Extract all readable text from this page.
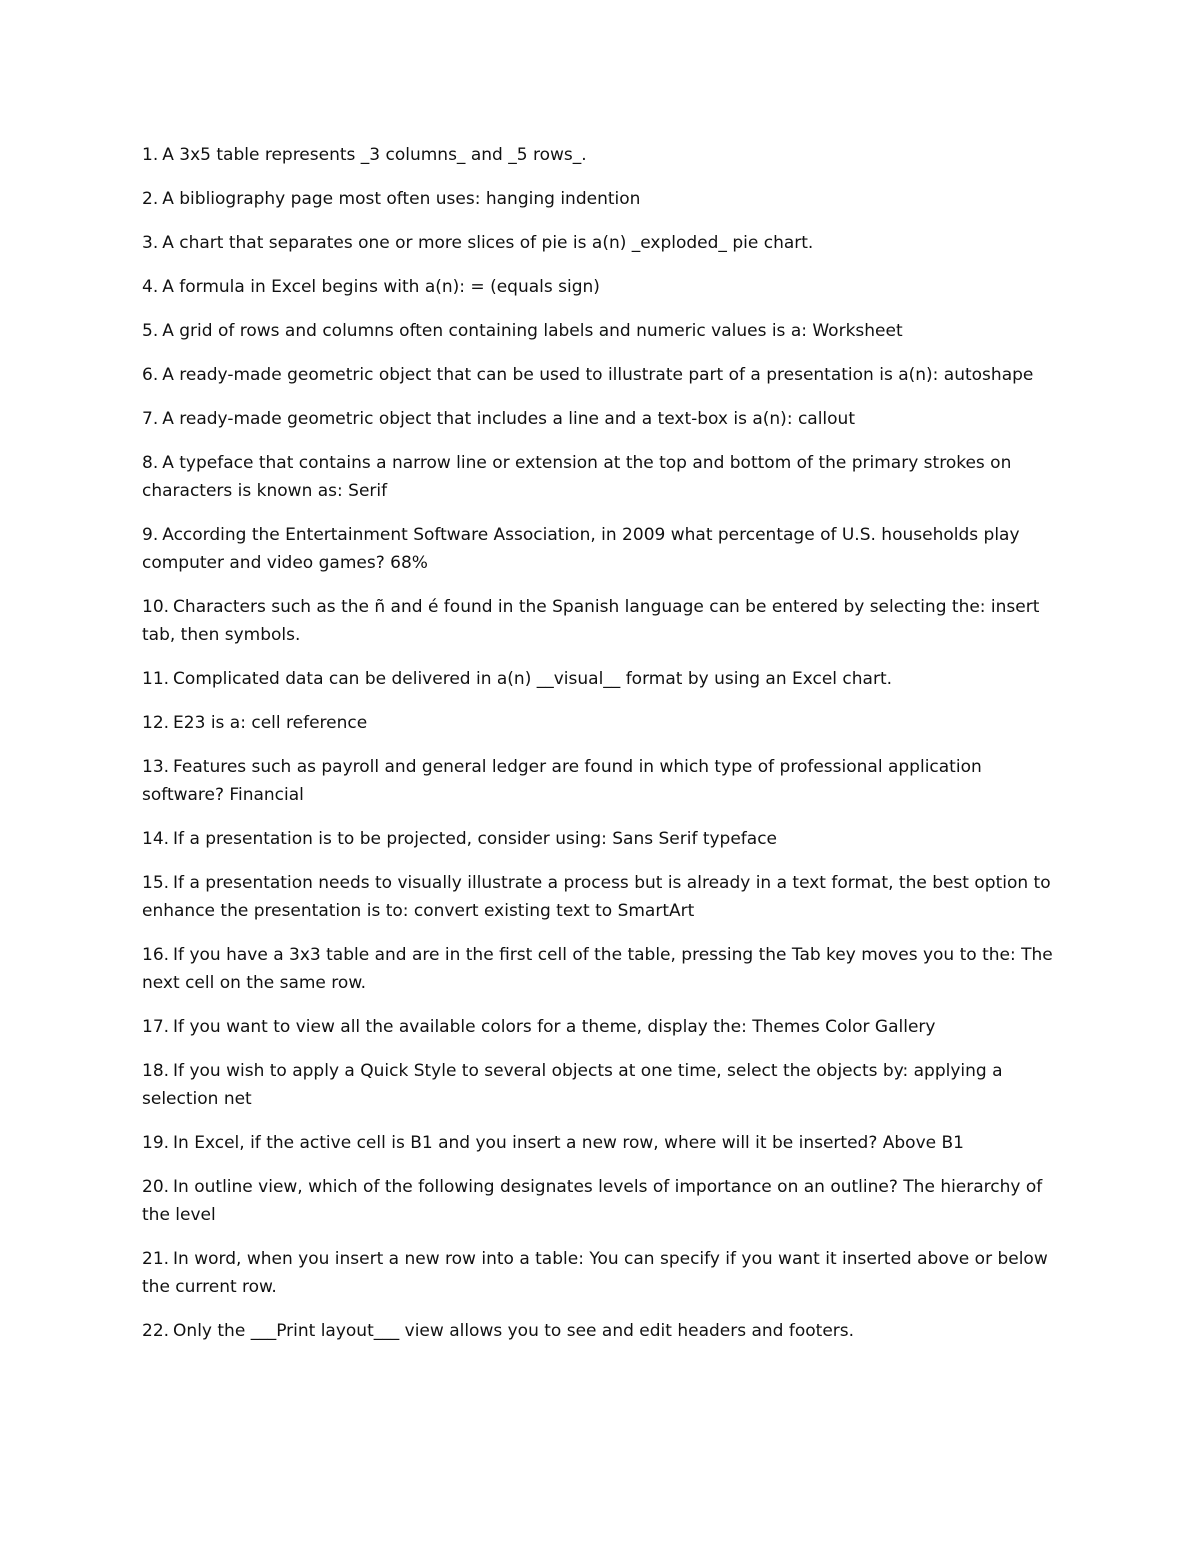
1. A 3x5 table represents _3 columns_ and _5 rows_.
2. A bibliography page most often uses: hanging indention
3. A chart that separates one or more slices of pie is a(n) _exploded_ pie chart.
4. A formula in Excel begins with a(n): = (equals sign)
5. A grid of rows and columns often containing labels and numeric values is a: Worksheet
6. A ready-made geometric object that can be used to illustrate part of a presentation is a(n): autoshape
7. A ready-made geometric object that includes a line and a text-box is a(n): callout
8. A typeface that contains a narrow line or extension at the top and bottom of the primary strokes on characters is known as: Serif
9. According the Entertainment Software Association, in 2009 what percentage of U.S. households play computer and video games? 68%
10. Characters such as the ñ and é found in the Spanish language can be entered by selecting the: insert tab, then symbols.
11. Complicated data can be delivered in a(n) __visual__ format by using an Excel chart.
12. E23 is a: cell reference
13. Features such as payroll and general ledger are found in which type of professional application software? Financial
14. If a presentation is to be projected, consider using: Sans Serif typeface
15. If a presentation needs to visually illustrate a process but is already in a text format, the best option to enhance the presentation is to: convert existing text to SmartArt
16. If you have a 3x3 table and are in the first cell of the table, pressing the Tab key moves you to the: The next cell on the same row.
17. If you want to view all the available colors for a theme, display the: Themes Color Gallery
18. If you wish to apply a Quick Style to several objects at one time, select the objects by: applying a selection net
19. In Excel, if the active cell is B1 and you insert a new row, where will it be inserted? Above B1
20. In outline view, which of the following designates levels of importance on an outline? The hierarchy of the level
21. In word, when you insert a new row into a table: You can specify if you want it inserted above or below the current row.
22. Only the ___Print layout___ view allows you to see and edit headers and footers.
